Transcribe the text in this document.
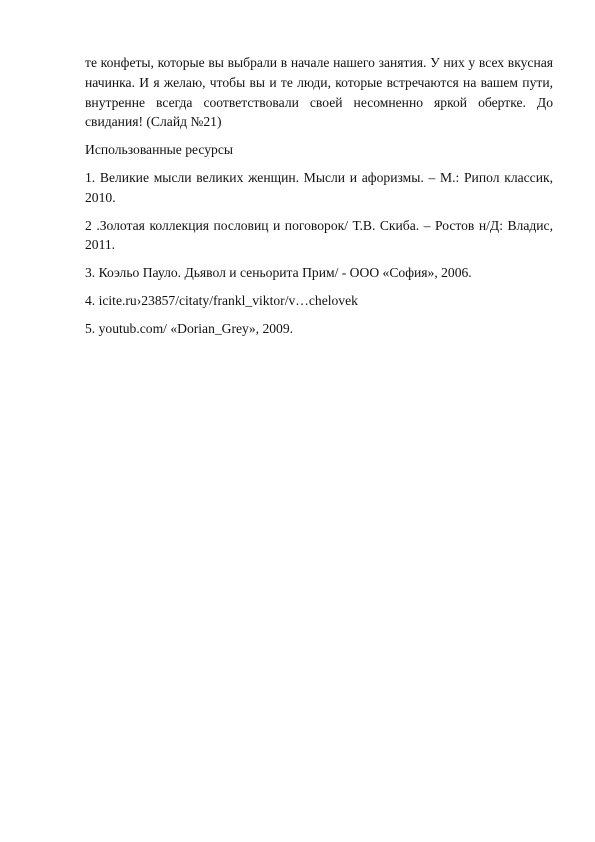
те конфеты, которые вы выбрали в начале нашего занятия. У них у всех вкусная начинка. И я желаю, чтобы вы и те люди, которые встречаются на вашем пути, внутренне всегда соответствовали своей несомненно яркой обертке. До свидания! (Слайд №21)

Использованные ресурсы

1. Великие мысли великих женщин. Мысли и афоризмы. – М.: Рипол классик, 2010.
2 .Золотая коллекция пословиц и поговорок/ Т.В. Скиба. – Ростов н/Д: Владис, 2011.
3. Коэльо Пауло. Дьявол и сеньорита Прим/ - ООО «София», 2006.
4. icite.ru›23857/citaty/frankl_viktor/v…chelovek
5. youtub.com/ «Dorian_Grey», 2009.
